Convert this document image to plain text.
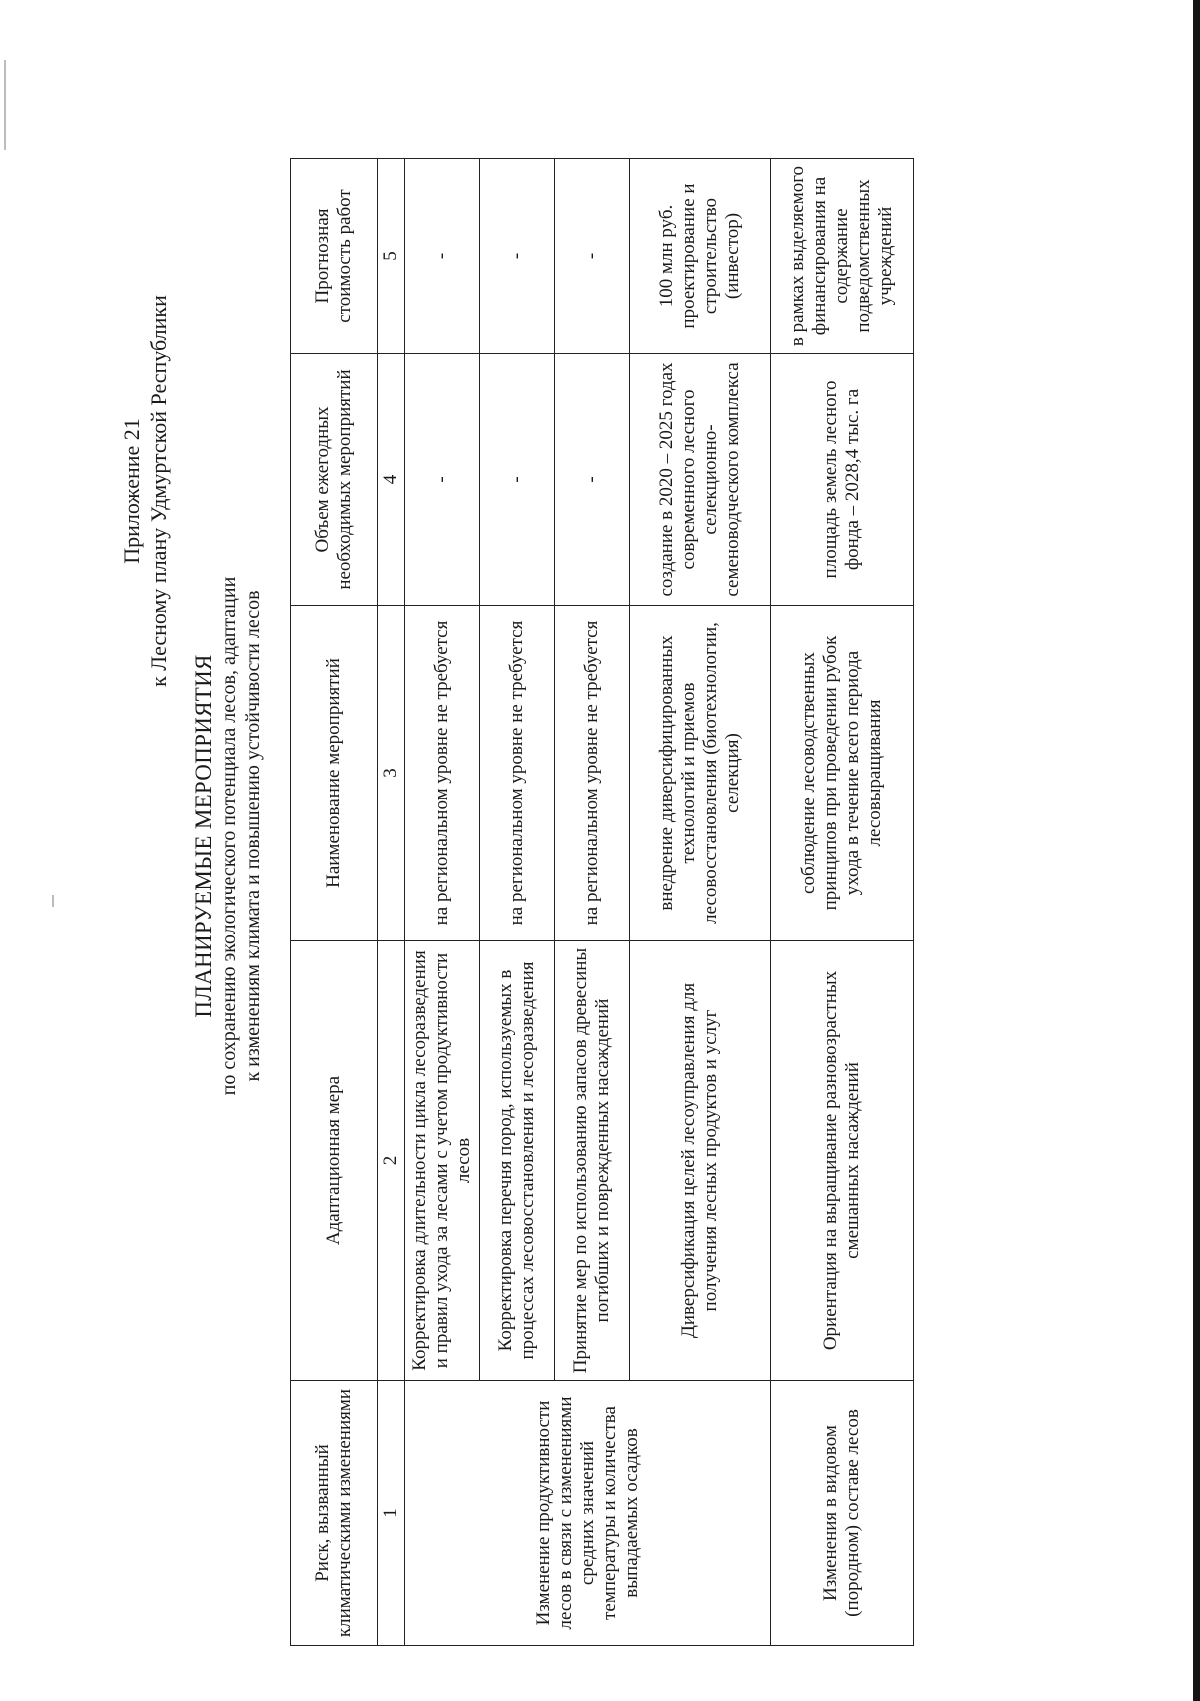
Приложение 21 к Лесному плану Удмуртской Республики
ПЛАНИРУЕМЫЕ МЕРОПРИЯТИЯ по сохранению экологического потенциала лесов, адаптации к изменениям климата и повышению устойчивости лесов
Риск, вызванный климатическими изменениями	Адаптационная мера	Наименование мероприятий	Объем ежегодных необходимых мероприятий	Прогнозная стоимость работ
1	2	3	4	5
Изменение продуктивности лесов в связи с изменениями средних значений температуры и количества выпадаемых осадков	Корректировка длительности цикла лесоразведения и правил ухода за лесами с учетом продуктивности лесов	на региональном уровне не требуется	-	-
	Корректировка перечня пород, используемых в процессах лесовосстановления и лесоразведения	на региональном уровне не требуется	-	-
	Принятие мер по использованию запасов древесины погибших и поврежденных насаждений	на региональном уровне не требуется	-	-
	Диверсификация целей лесоуправления для получения лесных продуктов и услуг	внедрение диверсифицированных технологий и приемов лесовосстановления (биотехнологии, селекция)	создание в 2020 – 2025 годах современного лесного селекционно-семеноводческого комплекса	100 млн руб. проектирование и строительство (инвестор)
Изменения в видовом (породном) составе лесов	Ориентация на выращивание разновозрастных смешанных насаждений	соблюдение лесоводственных принципов при проведении рубок ухода в течение всего периода лесовыращивания	площадь земель лесного фонда – 2028,4 тыс. га	в рамках выделяемого финансирования на содержание подведомственных учреждений
